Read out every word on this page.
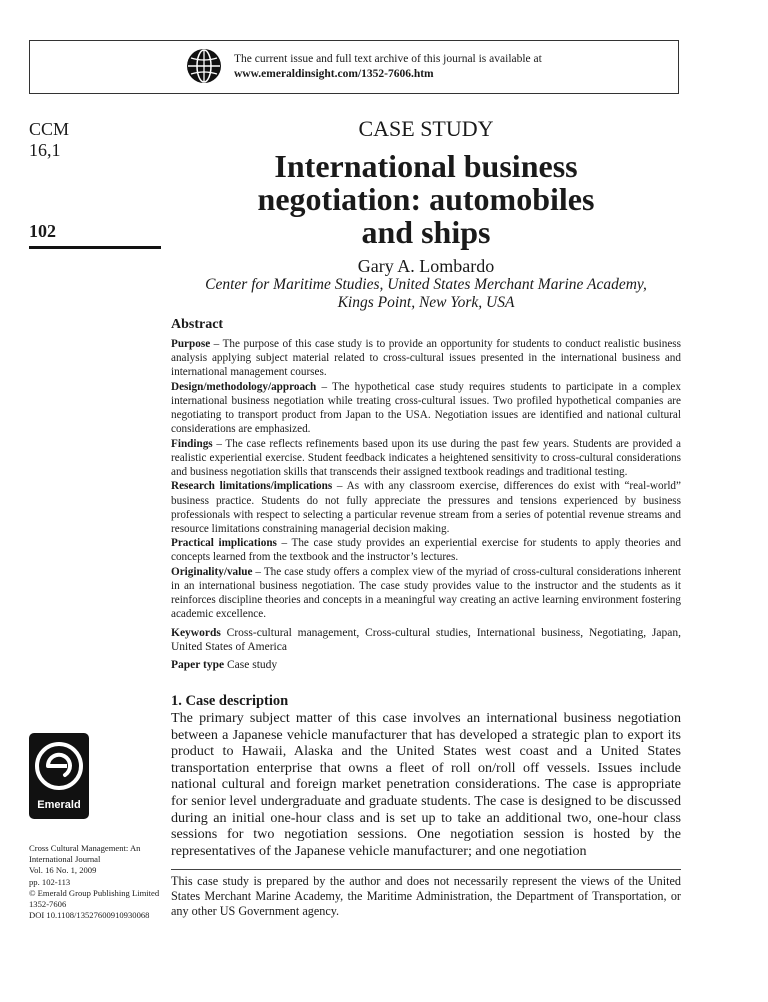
The current issue and full text archive of this journal is available at
www.emeraldinsight.com/1352-7606.htm
CCM
16,1
102
CASE STUDY
International business
negotiation: automobiles
and ships
Gary A. Lombardo
Center for Maritime Studies, United States Merchant Marine Academy,
Kings Point, New York, USA
Abstract

Purpose – The purpose of this case study is to provide an opportunity for students to conduct realistic business analysis applying subject material related to cross-cultural issues presented in the international business and international management courses.

Design/methodology/approach – The hypothetical case study requires students to participate in a complex international business negotiation while treating cross-cultural issues. Two profiled hypothetical companies are negotiating to transport product from Japan to the USA. Negotiation issues are identified and national cultural considerations are emphasized.

Findings – The case reflects refinements based upon its use during the past few years. Students are provided a realistic experiential exercise. Student feedback indicates a heightened sensitivity to cross-cultural considerations and business negotiation skills that transcends their assigned textbook readings and traditional testing.

Research limitations/implications – As with any classroom exercise, differences do exist with “real-world” business practice. Students do not fully appreciate the pressures and tensions experienced by business professionals with respect to selecting a particular revenue stream from a series of potential revenue streams and resource limitations constraining managerial decision making.

Practical implications – The case study provides an experiential exercise for students to apply theories and concepts learned from the textbook and the instructor’s lectures.

Originality/value – The case study offers a complex view of the myriad of cross-cultural considerations inherent in an international business negotiation. The case study provides value to the instructor and the students as it reinforces discipline theories and concepts in a meaningful way creating an active learning environment fostering academic excellence.

Keywords Cross-cultural management, Cross-cultural studies, International business, Negotiating, Japan, United States of America

Paper type Case study

1. Case description

The primary subject matter of this case involves an international business negotiation between a Japanese vehicle manufacturer that has developed a strategic plan to export its product to Hawaii, Alaska and the United States west coast and a United States transportation enterprise that owns a fleet of roll on/roll off vessels. Issues include national cultural and foreign market penetration considerations. The case is appropriate for senior level undergraduate and graduate students. The case is designed to be discussed during an initial one-hour class and is set up to take an additional two, one-hour class sessions for two negotiation sessions. One negotiation session is hosted by the representatives of the Japanese vehicle manufacturer; and one negotiation

This case study is prepared by the author and does not necessarily represent the views of the United States Merchant Marine Academy, the Maritime Administration, the Department of Transportation, or any other US Government agency.
Emerald
Cross Cultural Management: An
International Journal
Vol. 16 No. 1, 2009
pp. 102-113
© Emerald Group Publishing Limited
1352-7606
DOI 10.1108/13527600910930068
